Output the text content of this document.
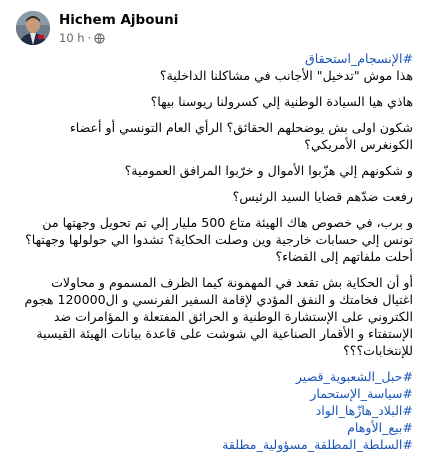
Hichem Ajbouni
10 h ·

#الإنسجام_استحقاق
هذا موش "تدخيل" الأجانب في مشاكلنا الداخلية؟

هاذي هيا السيادة الوطنية إلي كسرولنا ريوسنا بيها؟

شكون اولى بش يوضحلهم الحقائق؟ الرأي العام التونسي أو أعضاء الكونغرس الأمريكي؟

و شكونهم إلي هزّبوا الأموال و خرّبوا المرافق العمومية؟

رفعت ضدّهم قضايا السيد الرئيس؟

و برب، في خصوص هاك الهيئة متاع 500 مليار إلي تم تحويل وجهتها من تونس إلي حسابات خارجية وين وصلت الحكاية؟ تشدوا الي حولولها وجهتها؟ أحلت ملفاتهم إلى القضاء؟

أو أن الحكاية بش تقعد في المهمونة كيما الظرف المسموم و محاولات اغتيال فخامتك و النفق المؤدي لإقامة السفير الفرنسي و ال120000 هجوم الكتروني على الإستشارة الوطنية و الحرائق المفتعلة و المؤامرات ضد الإستفتاء و الأقمار الصناعية الي شوشت على قاعدة بيانات الهيئة القيسية للإنتخابات؟؟؟

#حبل_الشعبوية_قصير
#سياسة_الإستحمار
#البلاد_هازّها_الواد
#بيع_الأوهام
#السلطة_المطلقة_مسؤولية_مطلقة
